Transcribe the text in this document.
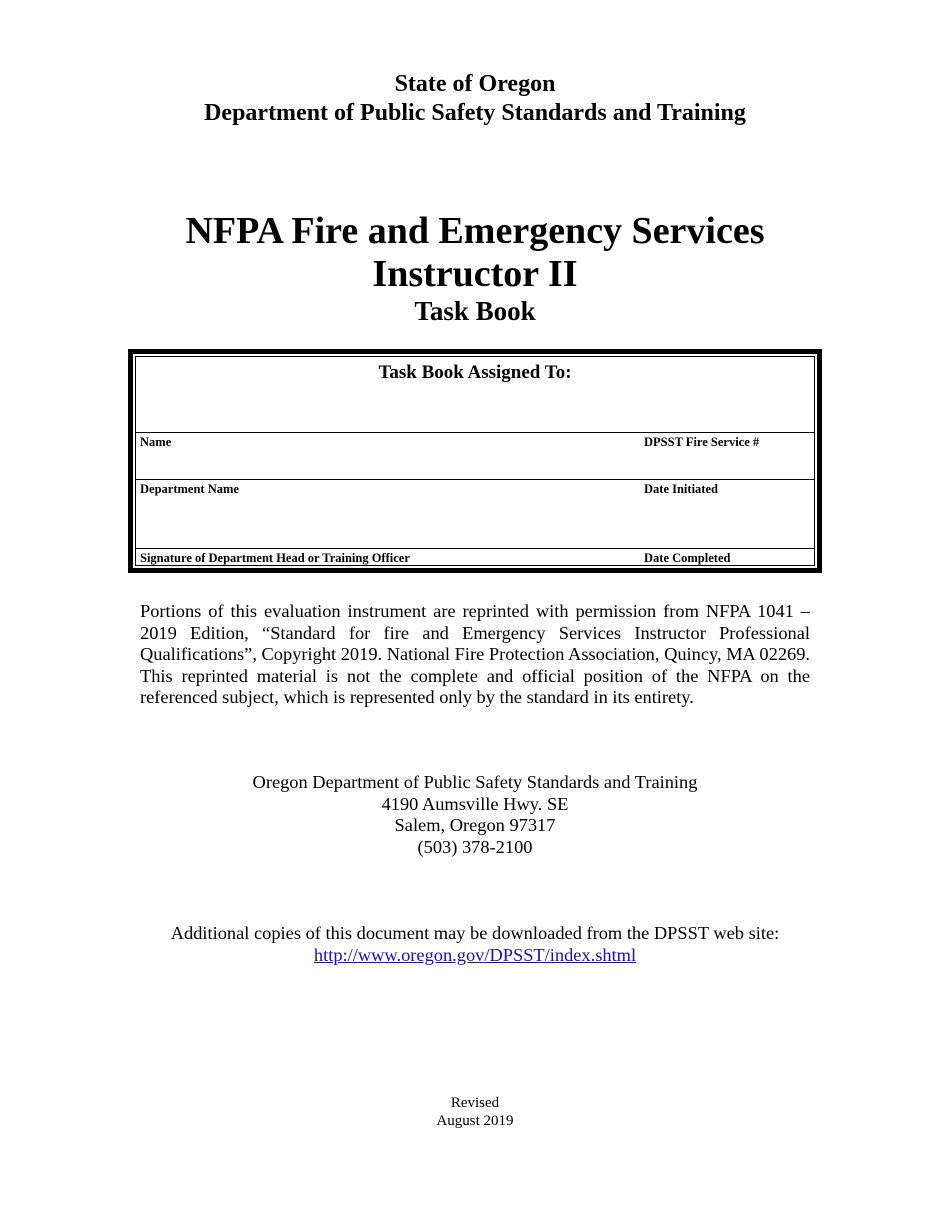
State of Oregon
Department of Public Safety Standards and Training
NFPA Fire and Emergency Services
Instructor II
Task Book
Task Book Assigned To:
Name	DPSST Fire Service #
Department Name	Date Initiated
Signature of Department Head or Training Officer	Date Completed
Portions of this evaluation instrument are reprinted with permission from NFPA 1041 – 2019 Edition, “Standard for fire and Emergency Services Instructor Professional Qualifications”, Copyright 2019. National Fire Protection Association, Quincy, MA 02269. This reprinted material is not the complete and official position of the NFPA on the referenced subject, which is represented only by the standard in its entirety.
Oregon Department of Public Safety Standards and Training
4190 Aumsville Hwy. SE
Salem, Oregon 97317
(503) 378-2100
Additional copies of this document may be downloaded from the DPSST web site:
http://www.oregon.gov/DPSST/index.shtml
Revised
August 2019
